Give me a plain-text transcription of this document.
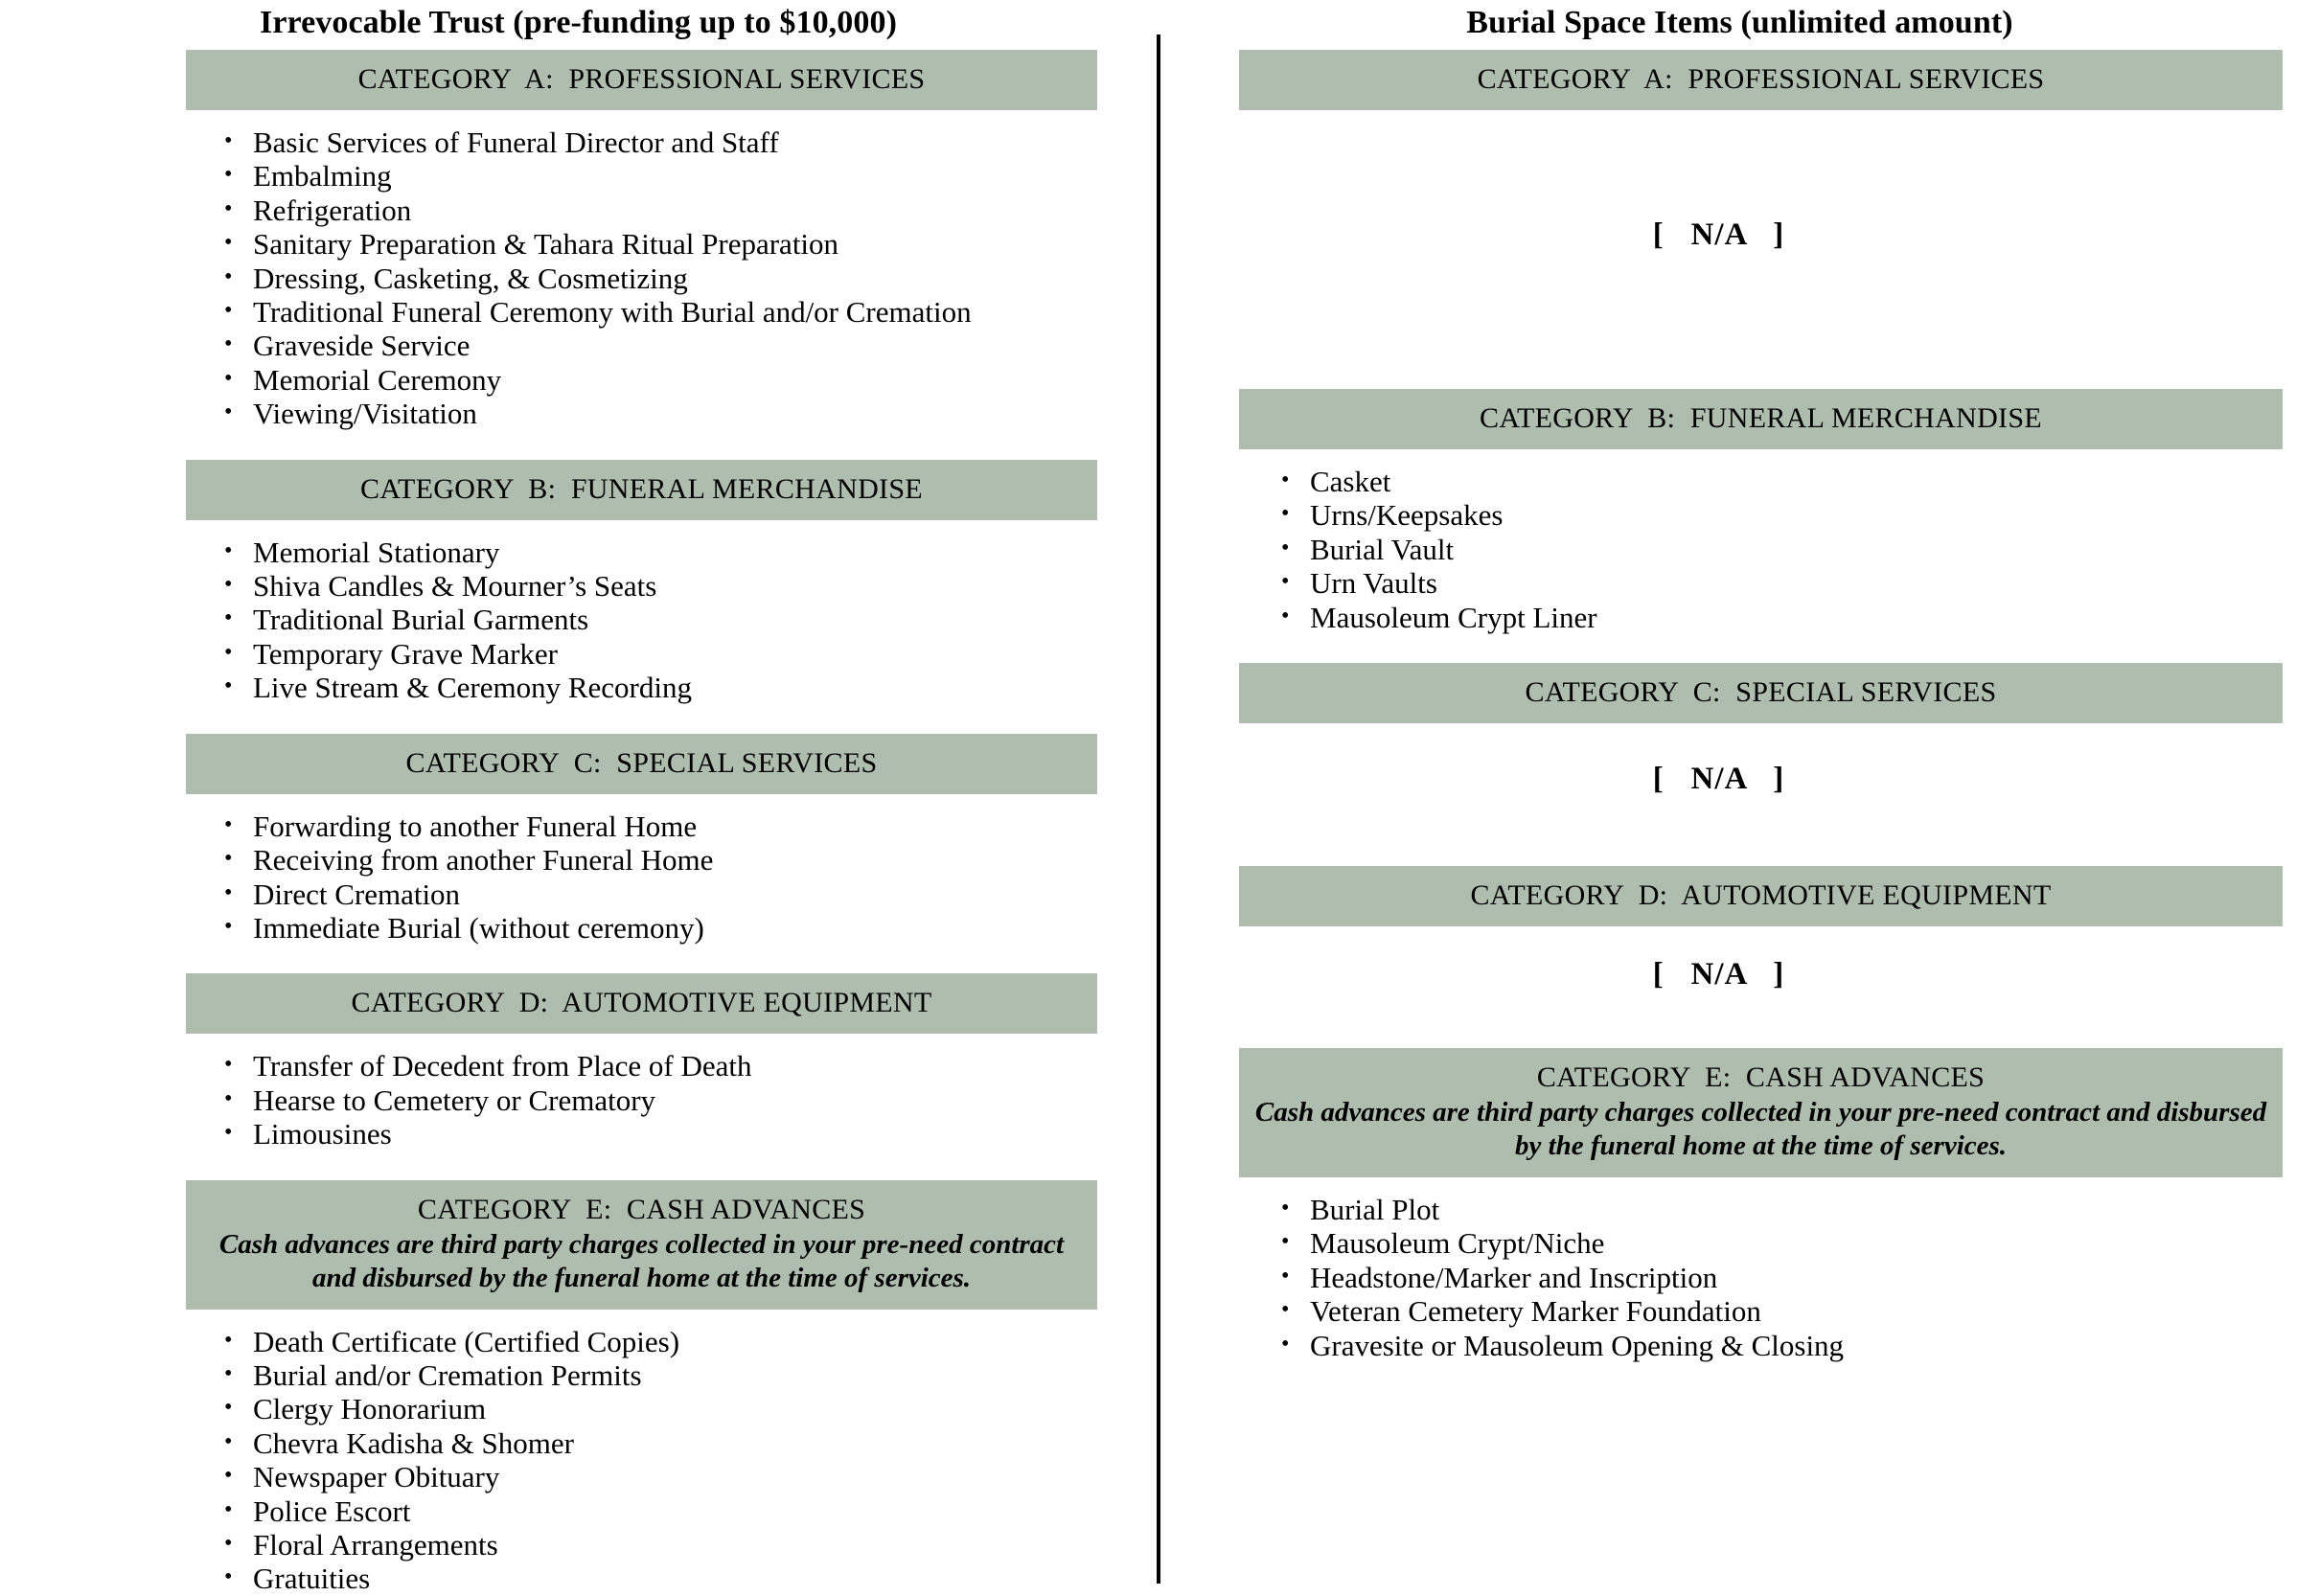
Irrevocable Trust (pre-funding up to $10,000)
CATEGORY  A:  PROFESSIONAL SERVICES
• Basic Services of Funeral Director and Staff
• Embalming
• Refrigeration
• Sanitary Preparation & Tahara Ritual Preparation
• Dressing, Casketing, & Cosmetizing
• Traditional Funeral Ceremony with Burial and/or Cremation
• Graveside Service
• Memorial Ceremony
• Viewing/Visitation
CATEGORY  B:  FUNERAL MERCHANDISE
• Memorial Stationary
• Shiva Candles & Mourner’s Seats
• Traditional Burial Garments
• Temporary Grave Marker
• Live Stream & Ceremony Recording
CATEGORY  C:  SPECIAL SERVICES
• Forwarding to another Funeral Home
• Receiving from another Funeral Home
• Direct Cremation
• Immediate Burial (without ceremony)
CATEGORY  D:  AUTOMOTIVE EQUIPMENT
• Transfer of Decedent from Place of Death
• Hearse to Cemetery or Crematory
• Limousines
CATEGORY  E:  CASH ADVANCES
Cash advances are third party charges collected in your pre-need contract and disbursed by the funeral home at the time of services.
• Death Certificate (Certified Copies)
• Burial and/or Cremation Permits
• Clergy Honorarium
• Chevra Kadisha & Shomer
• Newspaper Obituary
• Police Escort
• Floral Arrangements
• Gratuities
Burial Space Items (unlimited amount)
CATEGORY  A:  PROFESSIONAL SERVICES
[   N/A   ]
CATEGORY  B:  FUNERAL MERCHANDISE
• Casket
• Urns/Keepsakes
• Burial Vault
• Urn Vaults
• Mausoleum Crypt Liner
CATEGORY  C:  SPECIAL SERVICES
[   N/A   ]
CATEGORY  D:  AUTOMOTIVE EQUIPMENT
[   N/A   ]
CATEGORY  E:  CASH ADVANCES
Cash advances are third party charges collected in your pre-need contract and disbursed by the funeral home at the time of services.
• Burial Plot
• Mausoleum Crypt/Niche
• Headstone/Marker and Inscription
• Veteran Cemetery Marker Foundation
• Gravesite or Mausoleum Opening & Closing
